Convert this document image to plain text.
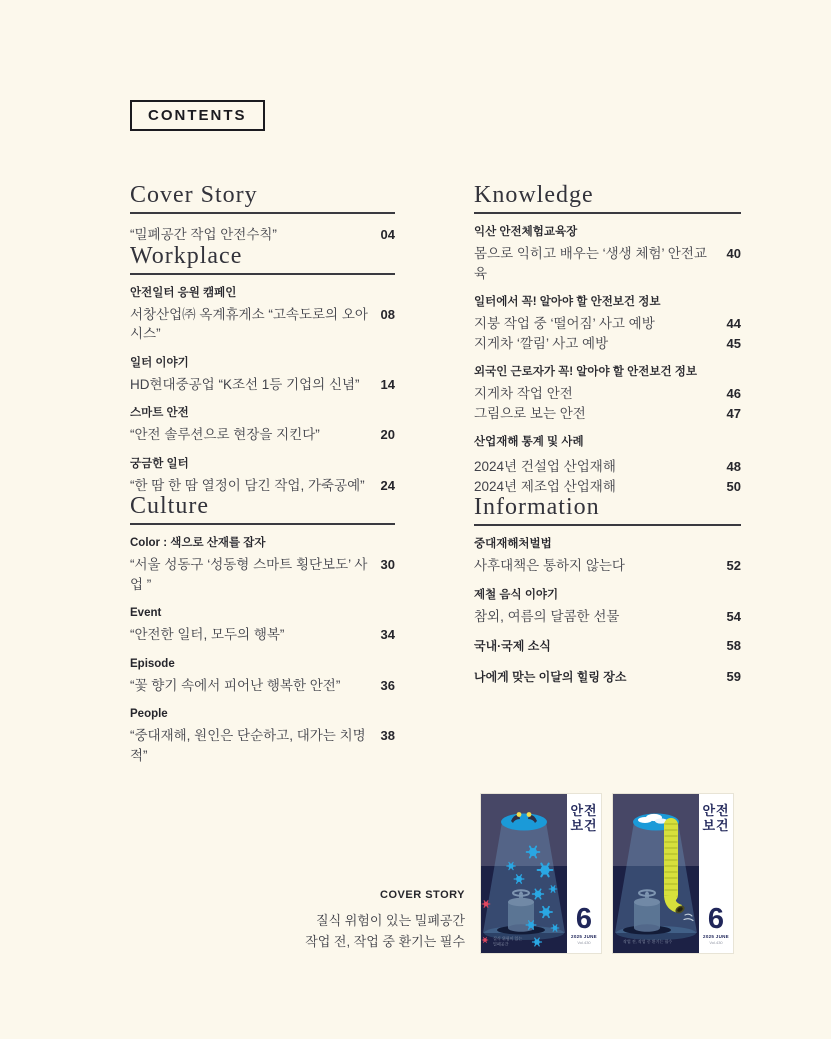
CONTENTS
Cover Story
“밀폐공간 작업 안전수칙”	04
Workplace
안전일터 응원 캠페인
서창산업㈜ 옥계휴게소 “고속도로의 오아시스”
08
일터 이야기
HD현대중공업 “K조선 1등 기업의 신념”	14
스마트 안전
“안전 솔루션으로 현장을 지킨다”	20
궁금한 일터
“한 땀 한 땀 열정이 담긴 작업, 가죽공예”	24
Culture
Color : 색으로 산재를 잡자
“서울 성동구 ‘성동형 스마트 횡단보도’ 사업 ”
30
Event
“안전한 일터, 모두의 행복”	34
Episode
“꽃 향기 속에서 피어난 행복한 안전”	36
People
“중대재해, 원인은 단순하고, 대가는 치명적”
38
Knowledge
익산 안전체험교육장
몸으로 익히고 배우는 ‘생생 체험’ 안전교육
40
일터에서 꼭! 알아야 할 안전보건 정보
지붕 작업 중 ‘떨어짐’ 사고 예방	44
지게차 ‘깔림’ 사고 예방	45
외국인 근로자가 꼭! 알아야 할 안전보건 정보
지게차 작업 안전	46
그림으로 보는 안전	47
산업재해 통계 및 사례
2024년 건설업 산업재해	48
2024년 제조업 산업재해	50
Information
중대재해처벌법
사후대책은 통하지 않는다	52
제철 음식 이야기
참외, 여름의 달콤한 선물	54
국내·국제 소식	58
나에게 맞는 이달의 힐링 장소	59
COVER STORY
질식 위험이 있는 밀폐공간
작업 전, 작업 중 환기는 필수	질식 위험이 있는
밀폐공간
안전
보건
6
2025 JUNE
Vol.430	작업 전, 작업 중 환기는 필수
안전
보건
6
2025 JUNE
Vol.430
